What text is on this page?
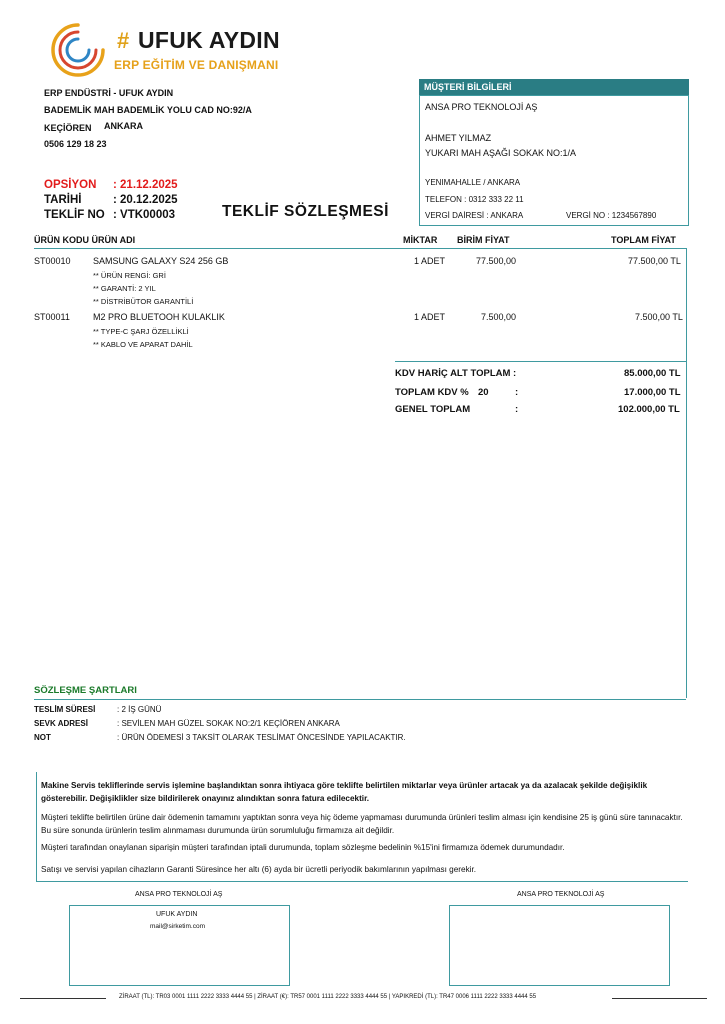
# UFUK AYDIN
ERP EĞİTİM VE DANIŞMANI
ERP ENDÜSTRİ - UFUK AYDIN
BADEMLİK MAH BADEMLİK YOLU CAD NO:92/A
KEÇİÖREN ANKARA
0506 129 18 23
OPSİYON : 21.12.2025
TARİHİ	: 20.12.2025
TEKLİF NO : VTK00003	TEKLİF SÖZLEŞMESİ
MÜŞTERİ BİLGİLERİ
ANSA PRO TEKNOLOJİ AŞ
AHMET YILMAZ
YUKARI MAH AŞAĞI SOKAK NO:1/A
YENIMAHALLE / ANKARA
TELEFON : 0312 333 22 11
VERGİ DAİRESİ : ANKARA	VERGİ NO : 1234567890
ÜRÜN KODU ÜRÜN ADI	MİKTAR BİRİM FİYAT	TOPLAM FİYAT
ST00010 SAMSUNG GALAXY S24 256 GB	1 ADET	77.500,00	77.500,00 TL
** ÜRÜN RENGİ: GRİ
** GARANTİ: 2 YIL
** DİSTRİBÜTOR GARANTİLİ
ST00011	M2 PRO BLUETOOH KULAKLIK	1 ADET	7.500,00	7.500,00 TL
** TYPE-C ŞARJ ÖZELLİKLİ
** KABLO VE APARAT DAHİL
KDV HARİÇ ALT TOPLAM :	85.000,00 TL
TOPLAM KDV % 20	:	17.000,00 TL
GENEL TOPLAM	:	102.000,00 TL
SÖZLEŞME ŞARTLARI
TESLİM SÜRESİ	: 2 İŞ GÜNÜ
SEVK ADRESİ	: SEVİLEN MAH GÜZEL SOKAK NO:2/1 KEÇİÖREN ANKARA
NOT	: ÜRÜN ÖDEMESİ 3 TAKSİT OLARAK TESLİMAT ÖNCESİNDE YAPILACAKTIR.
Makine Servis tekliflerinde servis işlemine başlandıktan sonra ihtiyaca göre teklifte belirtilen miktarlar veya ürünler artacak ya da azalacak şekilde değişiklik gösterebilir. Değişiklikler size bildirilerek onayınız alındıktan sonra fatura edilecektir.
Müşteri teklifte belirtilen ürüne dair ödemenin tamamını yaptıktan sonra veya hiç ödeme yapmaması durumunda ürünleri teslim alması için kendisine 25 iş günü süre tanınacaktır. Bu süre sonunda ürünlerin teslim alınmaması durumunda ürün sorumluluğu firmamıza ait değildir.
Müşteri tarafından onaylanan siparişin müşteri tarafından iptali durumunda, toplam sözleşme bedelinin %15'ini firmamıza ödemek durumundadır.
Satışı ve servisi yapılan cihazların Garanti Süresince her altı (6) ayda bir ücretli periyodik bakımlarının yapılması gerekir.
ANSA PRO TEKNOLOJİ AŞ	ANSA PRO TEKNOLOJİ AŞ
UFUK AYDIN
mail@sirketim.com
ZİRAAT (TL): TR03 0001 1111 2222 3333 4444 55 | ZİRAAT (€): TR57 0001 1111 2222 3333 4444 55 | YAPIKREDİ (TL): TR47 0006 1111 2222 3333 4444 55
